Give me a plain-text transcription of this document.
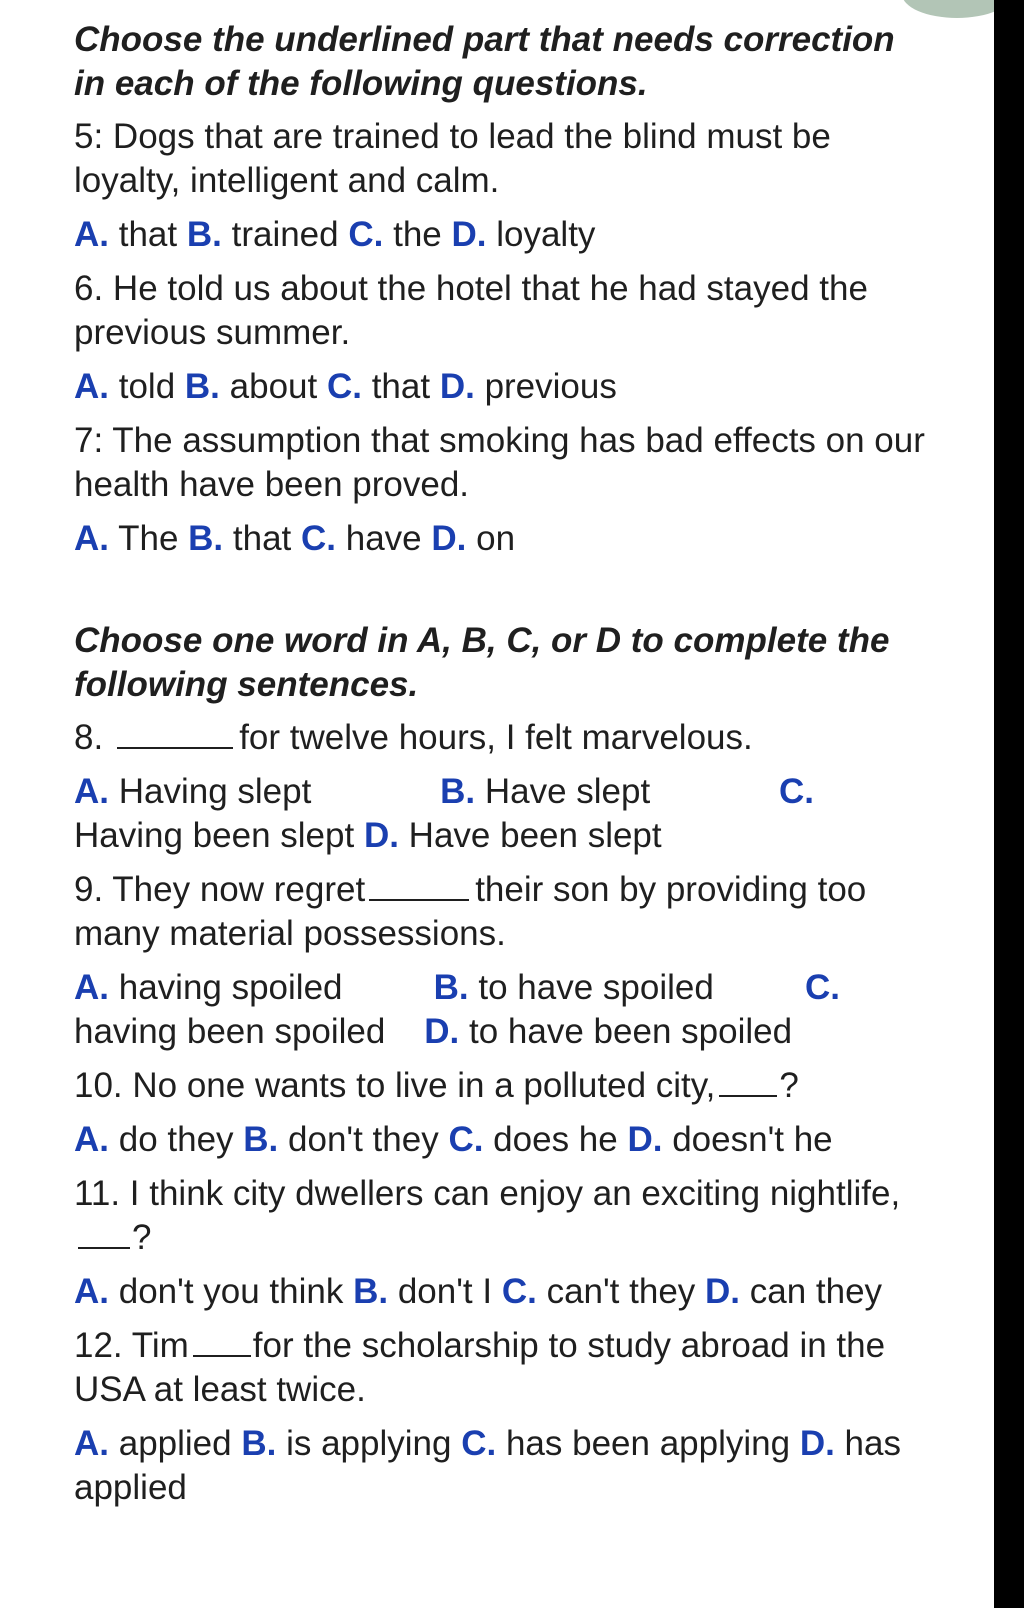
Choose the underlined part that needs correction in each of the following questions.
5: Dogs that are trained to lead the blind must be loyalty, intelligent and calm.
A. that B. trained C. the D. loyalty
6. He told us about the hotel that he had stayed the previous summer.
A. told B. about C. that D. previous
7: The assumption that smoking has bad effects on our health have been proved.
A. The B. that C. have D. on
Choose one word in A, B, C, or D to complete the following sentences.
8.	for twelve hours, I felt marvelous.
A. Having slept	B. Have slept	C.
Having been slept D. Have been slept
9. They now regret	their son by providing too many material possessions.
A. having spoiled	B. to have spoiled	C.
having been spoiled D. to have been spoiled
10. No one wants to live in a polluted city, ?
A. do they B. don't they C. does he D. doesn't he
11. I think city dwellers can enjoy an exciting nightlife,?
A. don't you think B. don't I C. can't they D. can they
12. Tim for the scholarship to study abroad in the USA at least twice.
A. applied B. is applying C. has been applying D. has applied
